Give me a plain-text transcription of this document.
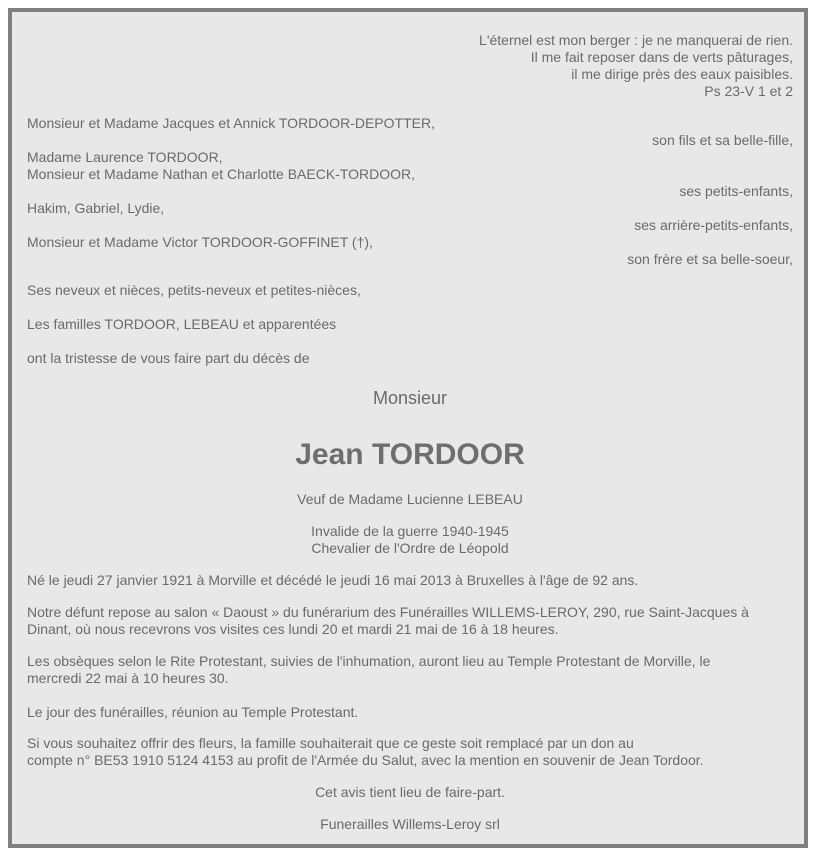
L'éternel est mon berger : je ne manquerai de rien.
Il me fait reposer dans de verts pâturages,
il me dirige près des eaux paisibles.
Ps 23-V 1 et 2
Monsieur et Madame Jacques et Annick TORDOOR-DEPOTTER,
son fils et sa belle-fille,
Madame Laurence TORDOOR,
Monsieur et Madame Nathan et Charlotte BAECK-TORDOOR,
ses petits-enfants,
Hakim, Gabriel, Lydie,
ses arrière-petits-enfants,
Monsieur et Madame Victor TORDOOR-GOFFINET (†),
son frère et sa belle-soeur,
Ses neveux et nièces, petits-neveux et petites-nièces,
Les familles TORDOOR, LEBEAU et apparentées
ont la tristesse de vous faire part du décès de
Monsieur
Jean TORDOOR
Veuf de Madame Lucienne LEBEAU
Invalide de la guerre 1940-1945
Chevalier de l'Ordre de Léopold
Né le jeudi 27 janvier 1921 à Morville et décédé le jeudi 16 mai 2013 à Bruxelles à l'âge de 92 ans.
Notre défunt repose au salon « Daoust » du funérarium des Funérailles WILLEMS-LEROY, 290, rue Saint-Jacques à
Dinant, où nous recevrons vos visites ces lundi 20 et mardi 21 mai de 16 à 18 heures.
Les obsèques selon le Rite Protestant, suivies de l'inhumation, auront lieu au Temple Protestant de Morville, le
mercredi 22 mai à 10 heures 30.
Le jour des funérailles, réunion au Temple Protestant.
Si vous souhaitez offrir des fleurs, la famille souhaiterait que ce geste soit remplacé par un don au
compte n° BE53 1910 5124 4153 au profit de l'Armée du Salut, avec la mention en souvenir de Jean Tordoor.
Cet avis tient lieu de faire-part.
Funerailles Willems-Leroy srl
